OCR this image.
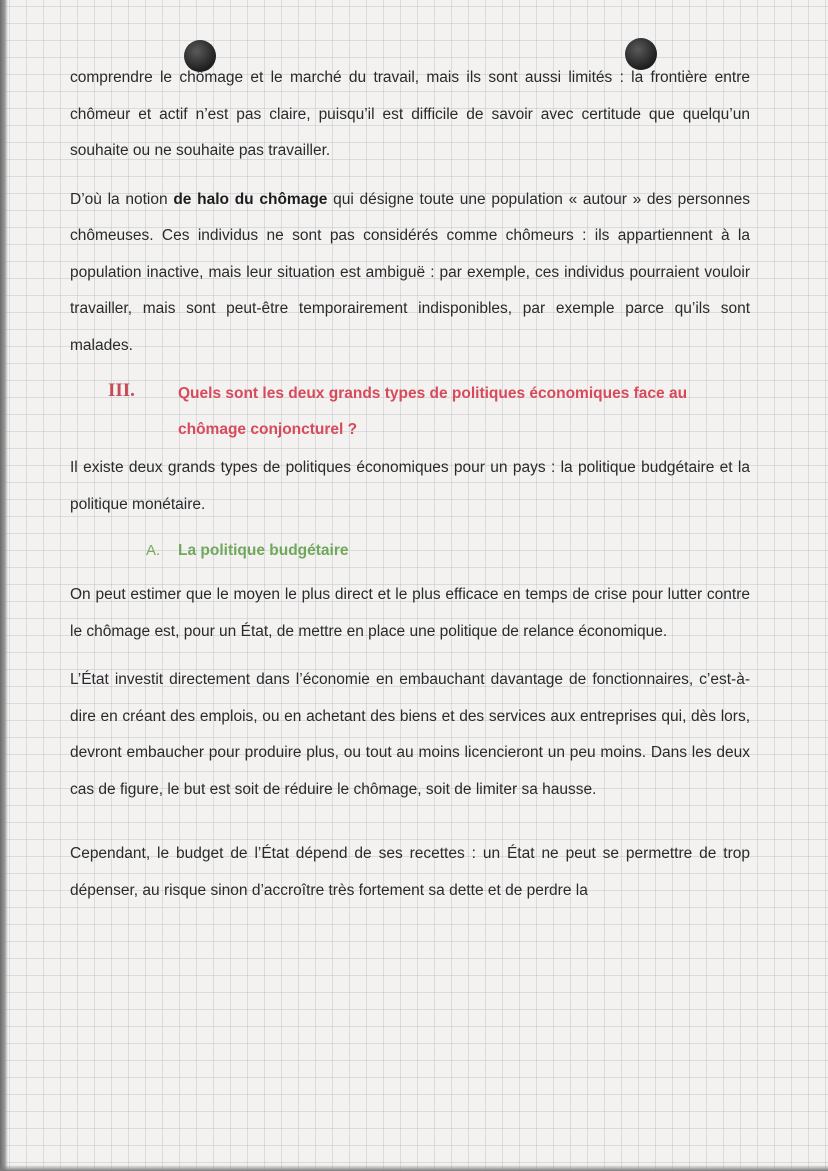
comprendre le chômage et le marché du travail, mais ils sont aussi limités : la frontière entre chômeur et actif n’est pas claire, puisqu’il est difficile de savoir avec certitude que quelqu’un souhaite ou ne souhaite pas travailler.

D’où la notion de halo du chômage qui désigne toute une population « autour » des personnes chômeuses. Ces individus ne sont pas considérés comme chômeurs : ils appartiennent à la population inactive, mais leur situation est ambiguë : par exemple, ces individus pourraient vouloir travailler, mais sont peut-être temporairement indisponibles, par exemple parce qu’ils sont malades.

III.	Quels sont les deux grands types de politiques économiques face au chômage conjoncturel ?

Il existe deux grands types de politiques économiques pour un pays : la politique budgétaire et la politique monétaire.

A. La politique budgétaire

On peut estimer que le moyen le plus direct et le plus efficace en temps de crise pour lutter contre le chômage est, pour un État, de mettre en place une politique de relance économique.

L’État investit directement dans l’économie en embauchant davantage de fonctionnaires, c’est-à-dire en créant des emplois, ou en achetant des biens et des services aux entreprises qui, dès lors, devront embaucher pour produire plus, ou tout au moins licencieront un peu moins. Dans les deux cas de figure, le but est soit de réduire le chômage, soit de limiter sa hausse.

Cependant, le budget de l’État dépend de ses recettes : un État ne peut se permettre de trop dépenser, au risque sinon d’accroître très fortement sa dette et de perdre la
